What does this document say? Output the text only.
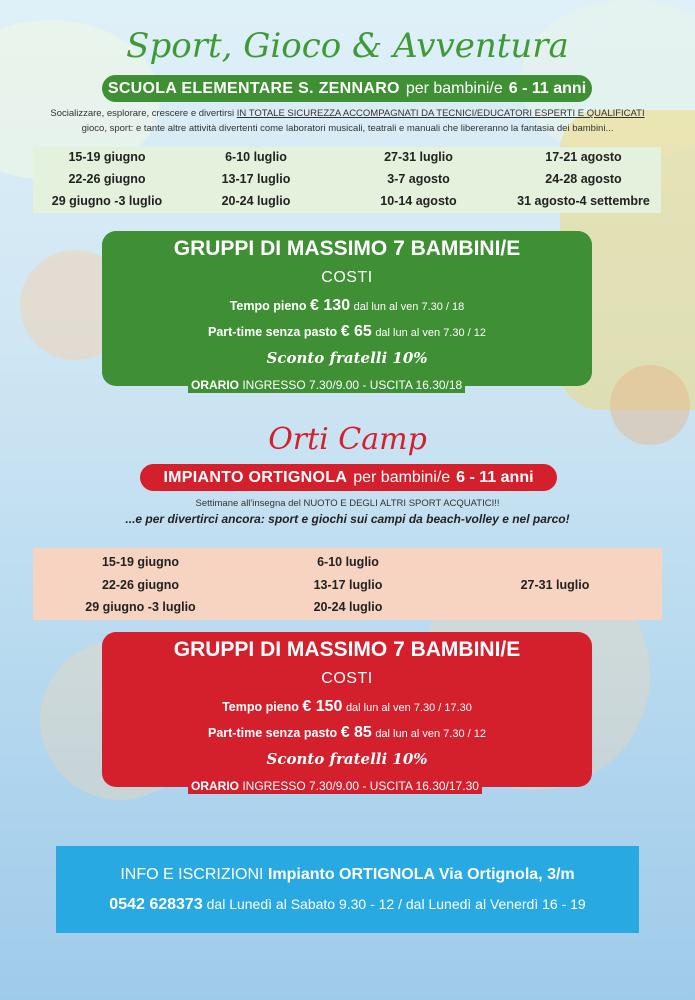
Sport, Gioco & Avventura
SCUOLA ELEMENTARE S. ZENNARO per bambini/e 6 - 11 anni
Socializzare, esplorare, crescere e divertirsi IN TOTALE SICUREZZA ACCOMPAGNATI DA TECNICI/EDUCATORI ESPERTI E QUALIFICATI
gioco, sport: e tante altre attività divertenti come laboratori musicali, teatrali e manuali che libereranno la fantasia dei bambini...
15-19 giugno	6-10 luglio	27-31 luglio	17-21 agosto
22-26 giugno	13-17 luglio	3-7 agosto	24-28 agosto
29 giugno -3 luglio	20-24 luglio	10-14 agosto	31 agosto-4 settembre
GRUPPI DI MASSIMO 7 BAMBINI/E
COSTI
Tempo pieno € 130 dal lun al ven 7.30 / 18
Part-time senza pasto € 65 dal lun al ven 7.30 / 12
Sconto fratelli 10%
ORARIO INGRESSO 7.30/9.00 - USCITA 16.30/18
Orti Camp
IMPIANTO ORTIGNOLA per bambini/e 6 - 11 anni
Settimane all'insegna del NUOTO E DEGLI ALTRI SPORT ACQUATICI!!
...e per divertirci ancora: sport e giochi sui campi da beach-volley e nel parco!
15-19 giugno	6-10 luglio
22-26 giugno	13-17 luglio	27-31 luglio
29 giugno -3 luglio	20-24 luglio
GRUPPI DI MASSIMO 7 BAMBINI/E
COSTI
Tempo pieno € 150 dal lun al ven 7.30 / 17.30
Part-time senza pasto € 85 dal lun al ven 7.30 / 12
Sconto fratelli 10%
ORARIO INGRESSO 7.30/9.00 - USCITA 16.30/17.30
INFO E ISCRIZIONI Impianto ORTIGNOLA Via Ortignola, 3/m
0542 628373 dal Lunedì al Sabato 9.30 - 12 / dal Lunedì al Venerdì 16 - 19
